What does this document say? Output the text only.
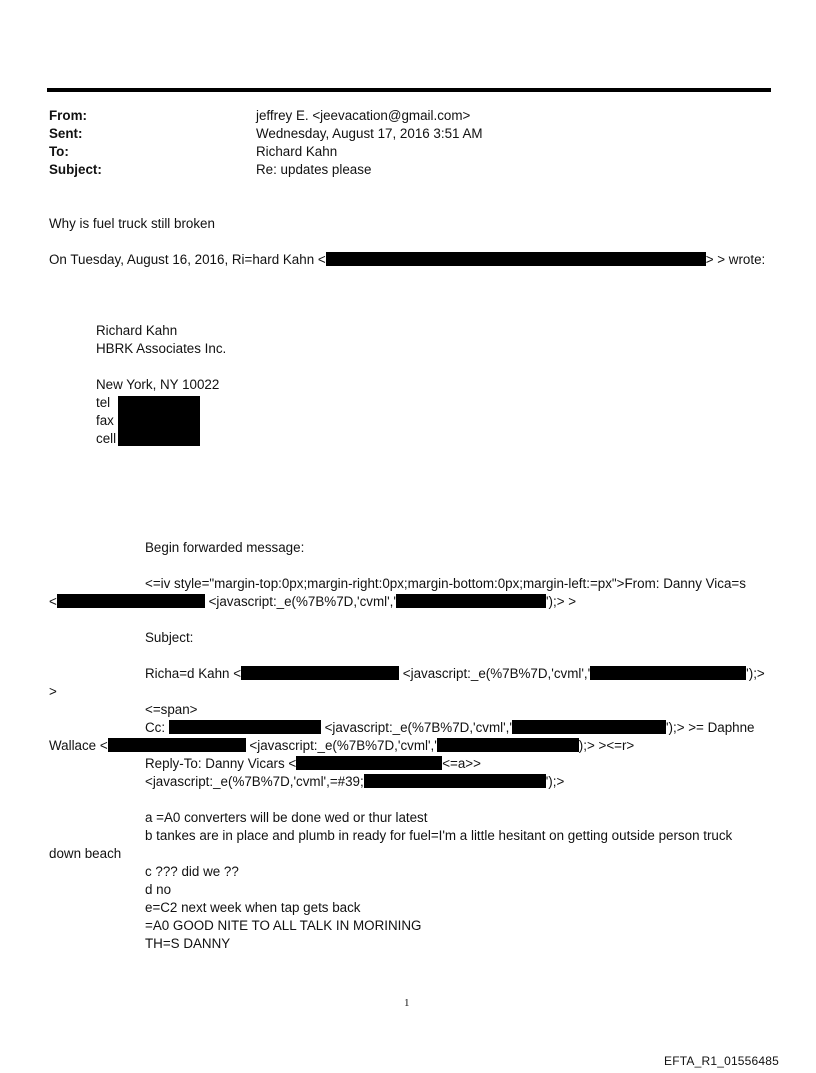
From:	jeffrey E. <jeevacation@gmail.com>
Sent:	Wednesday, August 17, 2016 3:51 AM
To:	Richard Kahn
Subject:	Re: updates please
Why is fuel truck still broken
On Tuesday, August 16, 2016, Ri=hard Kahn <	> > wrote:
Richard Kahn
HBRK Associates Inc.
New York, NY 10022
tel
fax
cell
Begin forwarded message:
<=iv style="margin-top:0px;margin-right:0px;margin-bottom:0px;margin-left:=px">From: Danny Vica=s
<	<javascript:_e(%7B%7D,'cvml','	');> >
Subject:
Richa=d Kahn <	<javascript:_e(%7B%7D,'cvml','	');>
>
<=span>
Cc:	<javascript:_e(%7B%7D,'cvml','	');> >= Daphne
Wallace <	<javascript:_e(%7B%7D,'cvml','	);> ><=r>
Reply-To: Danny Vicars <	<=a>>
<javascript:_e(%7B%7D,'cvml',=#39;	');>
a =A0 converters will be done wed or thur latest
b tankes are in place and plumb in ready for fuel=I'm a little hesitant on getting outside person truck
down beach
c ??? did we ??
d no
e=C2 next week when tap gets back
=A0 GOOD NITE TO ALL TALK IN MORINING
TH=S DANNY
1
EFTA_R1_01556485
